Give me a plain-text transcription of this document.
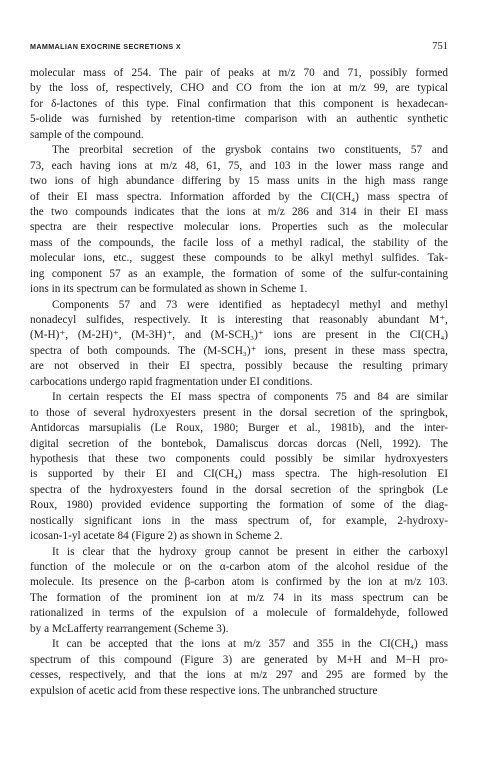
MAMMALIAN EXOCRINE SECRETIONS X	751
molecular mass of 254. The pair of peaks at m/z 70 and 71, possibly formed
by the loss of, respectively, CHO and CO from the ion at m/z 99, are typical
for δ-lactones of this type. Final confirmation that this component is hexadecan-
5-olide was furnished by retention-time comparison with an authentic synthetic
sample of the compound.
The preorbital secretion of the grysbok contains two constituents, 57 and
73, each having ions at m/z 48, 61, 75, and 103 in the lower mass range and
two ions of high abundance differing by 15 mass units in the high mass range
of their EI mass spectra. Information afforded by the CI(CH₄) mass spectra of
the two compounds indicates that the ions at m/z 286 and 314 in their EI mass
spectra are their respective molecular ions. Properties such as the molecular
mass of the compounds, the facile loss of a methyl radical, the stability of the
molecular ions, etc., suggest these compounds to be alkyl methyl sulfides. Tak-
ing component 57 as an example, the formation of some of the sulfur-containing
ions in its spectrum can be formulated as shown in Scheme 1.
Components 57 and 73 were identified as heptadecyl methyl and methyl
nonadecyl sulfides, respectively. It is interesting that reasonably abundant M⁺,
(M-H)⁺, (M-2H)⁺, (M-3H)⁺, and (M-SCH₃)⁺ ions are present in the CI(CH₄)
spectra of both compounds. The (M-SCH₃)⁺ ions, present in these mass spectra,
are not observed in their EI spectra, possibly because the resulting primary
carbocations undergo rapid fragmentation under EI conditions.
In certain respects the EI mass spectra of components 75 and 84 are similar
to those of several hydroxyesters present in the dorsal secretion of the springbok,
Antidorcas marsupialis (Le Roux, 1980; Burger et al., 1981b), and the inter-
digital secretion of the bontebok, Damaliscus dorcas dorcas (Nell, 1992). The
hypothesis that these two components could possibly be similar hydroxyesters
is supported by their EI and CI(CH₄) mass spectra. The high-resolution EI
spectra of the hydroxyesters found in the dorsal secretion of the springbok (Le
Roux, 1980) provided evidence supporting the formation of some of the diag-
nostically significant ions in the mass spectrum of, for example, 2-hydroxy-
icosan-1-yl acetate 84 (Figure 2) as shown in Scheme 2.
It is clear that the hydroxy group cannot be present in either the carboxyl
function of the molecule or on the α-carbon atom of the alcohol residue of the
molecule. Its presence on the β-carbon atom is confirmed by the ion at m/z 103.
The formation of the prominent ion at m/z 74 in its mass spectrum can be
rationalized in terms of the expulsion of a molecule of formaldehyde, followed
by a McLafferty rearrangement (Scheme 3).
It can be accepted that the ions at m/z 357 and 355 in the CI(CH₄) mass
spectrum of this compound (Figure 3) are generated by M+H and M−H pro-
cesses, respectively, and that the ions at m/z 297 and 295 are formed by the
expulsion of acetic acid from these respective ions. The unbranched structure
